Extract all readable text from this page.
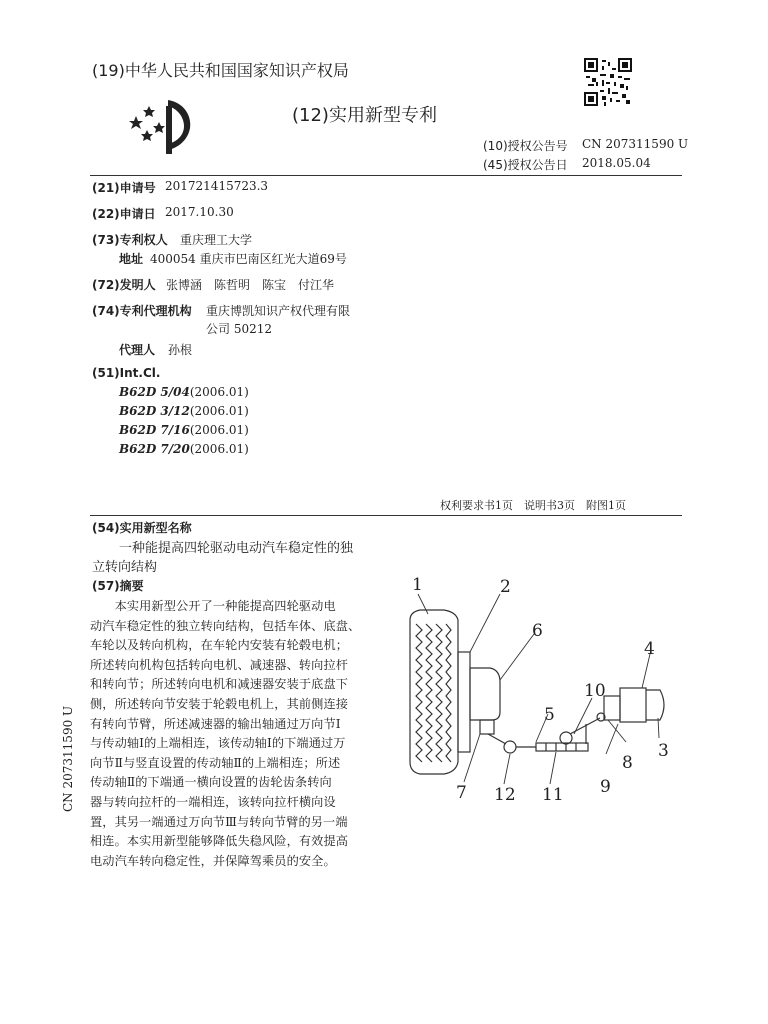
(19)中华人民共和国国家知识产权局
(12)实用新型专利
(10)授权公告号 CN 207311590 U
(45)授权公告日 2018.05.04
(21)申请号 201721415723.3
(22)申请日 2017.10.30
(73)专利权人 重庆理工大学
地址 400054 重庆市巴南区红光大道69号
(72)发明人 张博涵　陈哲明　陈宝　付江华
(74)专利代理机构 重庆博凯知识产权代理有限
公司 50212
代理人 孙根
(51)Int.Cl.
B62D 5/04(2006.01)
B62D 3/12(2006.01)
B62D 7/16(2006.01)
B62D 7/20(2006.01)
权利要求书1页　说明书3页　附图1页
(54)实用新型名称
一种能提高四轮驱动电动汽车稳定性的独
立转向结构
(57)摘要
　　本实用新型公开了一种能提高四轮驱动电
动汽车稳定性的独立转向结构，包括车体、底盘、
车轮以及转向机构，在车轮内安装有轮毂电机；
所述转向机构包括转向电机、减速器、转向拉杆
和转向节；所述转向电机和减速器安装于底盘下
侧，所述转向节安装于轮毂电机上，其前侧连接
有转向节臂，所述减速器的输出轴通过万向节Ⅰ
与传动轴Ⅰ的上端相连，该传动轴Ⅰ的下端通过万
向节Ⅱ与竖直设置的传动轴Ⅱ的上端相连；所述
传动轴Ⅱ的下端通一横向设置的齿轮齿条转向
器与转向拉杆的一端相连，该转向拉杆横向设
置，其另一端通过万向节Ⅲ与转向节臂的另一端
相连。本实用新型能够降低失稳风险，有效提高
电动汽车转向稳定性，并保障驾乘员的安全。
CN 207311590 U
1	2
6
4
3
5
10
8
9
7 12 11
